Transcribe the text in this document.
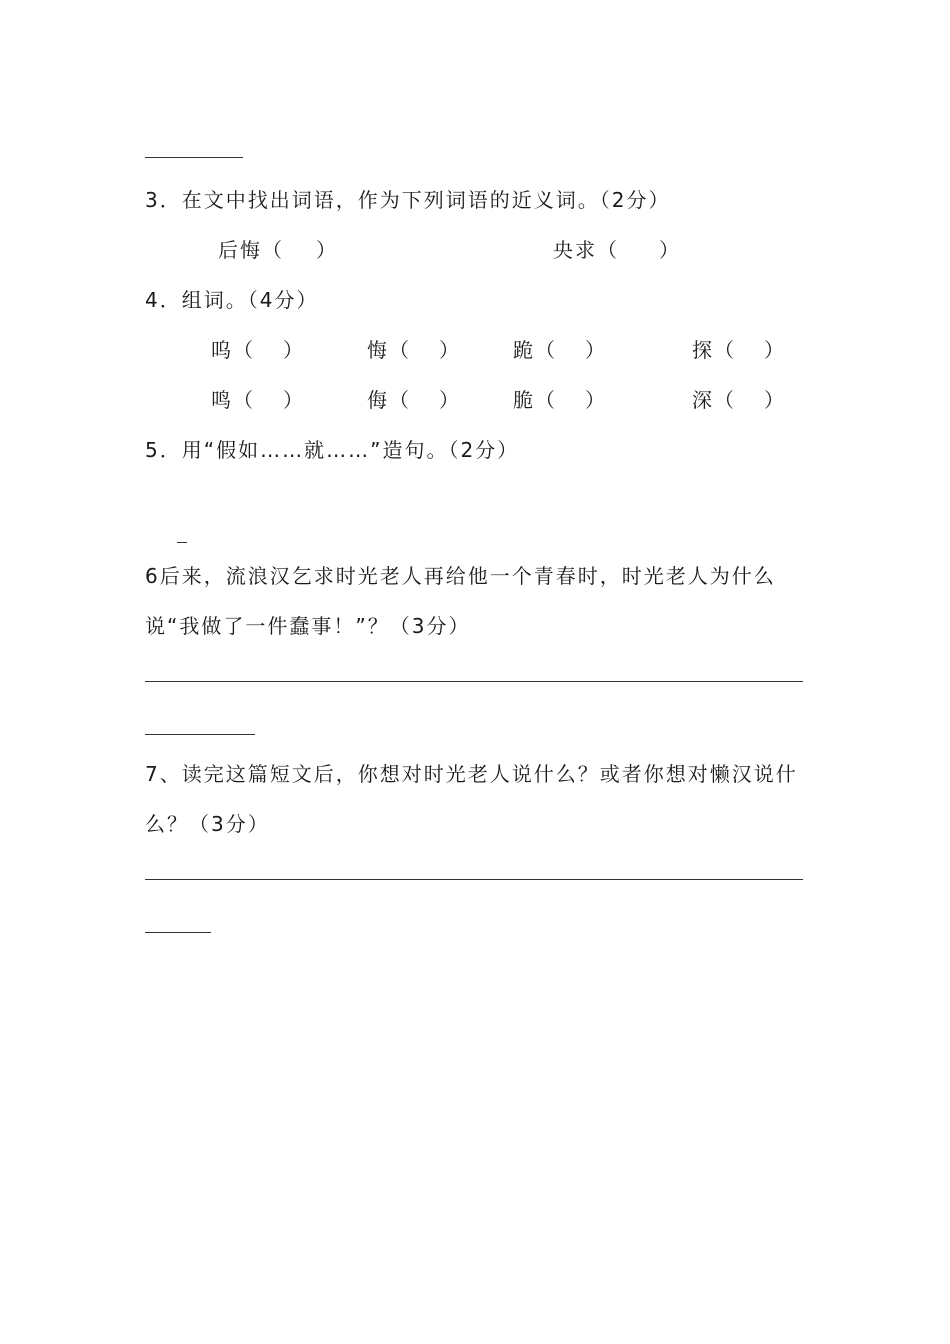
3．在文中找出词语，作为下列词语的近义词。（2分）
后悔（ ）	央求（ ）
4．组词。（4分）
呜（ ）	悔（ ）	跪（ ）	探（ ）
鸣（ ）	侮（ ）	脆（ ）	深（ ）
5．用“假如……就……”造句。（2分）
6后来，流浪汉乞求时光老人再给他一个青春时，时光老人为什么
说“我做了一件蠢事！”？（3分）
7、读完这篇短文后，你想对时光老人说什么？或者你想对懒汉说什
么？（3分）
